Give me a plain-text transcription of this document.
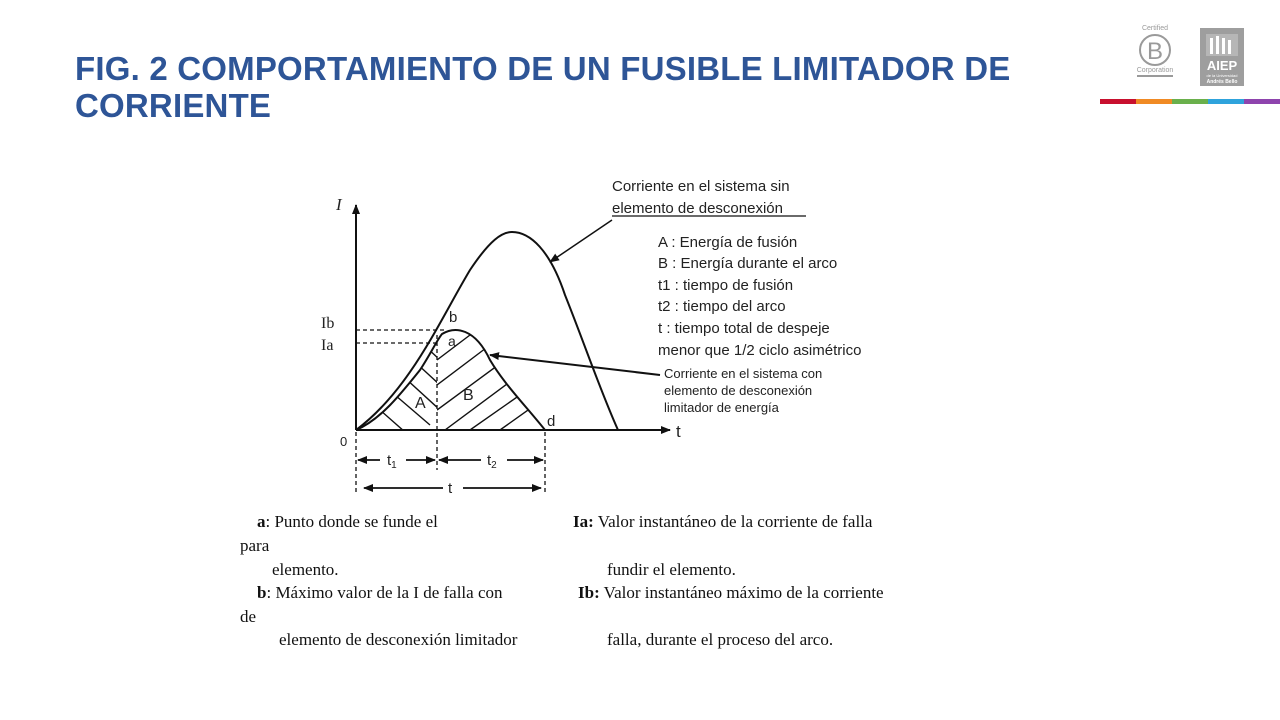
FIG. 2 COMPORTAMIENTO DE UN FUSIBLE LIMITADOR DE CORRIENTE
Certified
B
Corporation	AIEP
de la Universidad
Andrés Bello
I
t
0
Ib
Ia
b
a
d
A B
$t_1$	$t_2$
t
Corriente en el sistema sin
elemento de desconexión
A : Energía de fusión
B : Energía durante el arco
t1 : tiempo de fusión
t2 : tiempo del arco
t : tiempo total de despeje
menor que 1/2 ciclo asimétrico
Corriente en el sistema con
elemento de desconexión
limitador de energía
a: Punto donde se funde el
para
elemento.
Ia: Valor instantáneo de la corriente de falla
fundir el elemento.
b: Máximo valor de la I de falla con
de
elemento de desconexión limitador
Ib: Valor instantáneo máximo de la corriente
falla, durante el proceso del arco.
